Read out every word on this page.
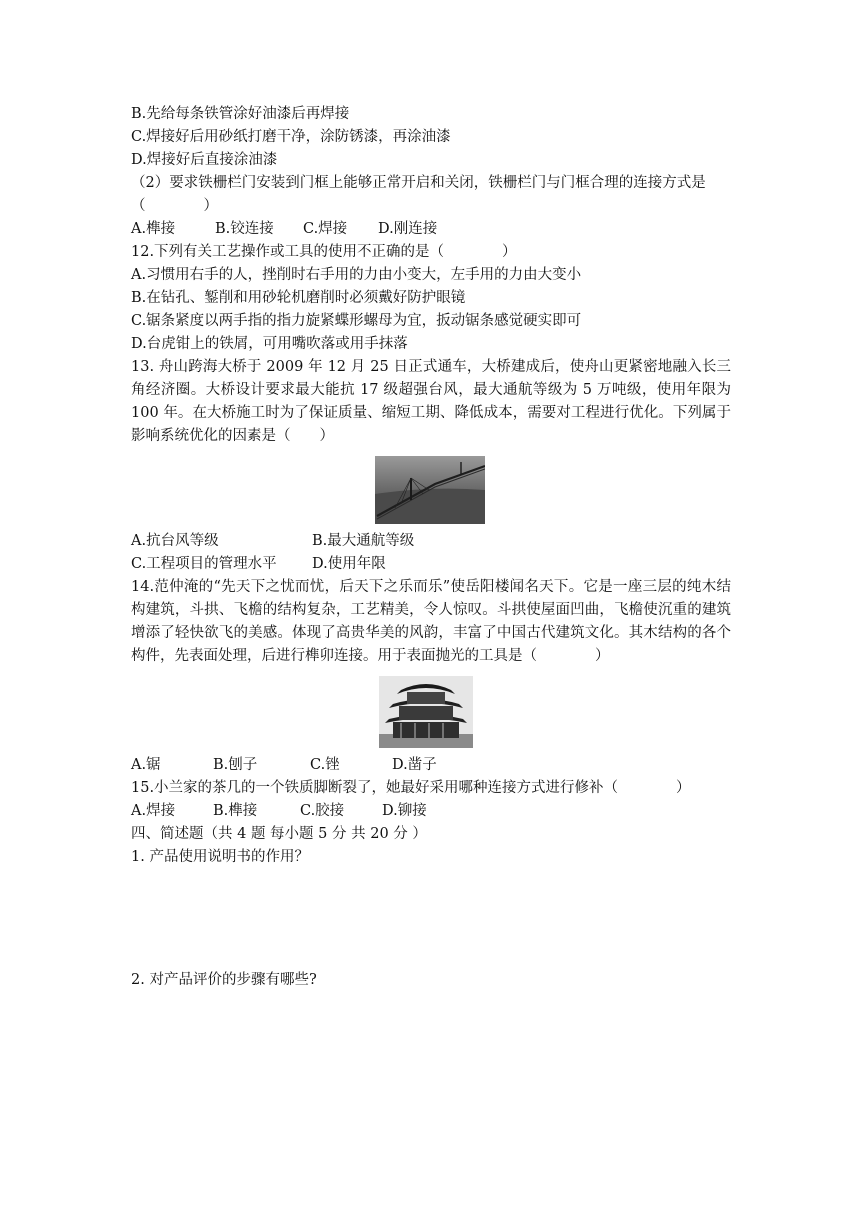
B.先给每条铁管涂好油漆后再焊接
C.焊接好后用砂纸打磨干净，涂防锈漆，再涂油漆
D.焊接好后直接涂油漆
（2）要求铁栅栏门安装到门框上能够正常开启和关闭，铁栅栏门与门框合理的连接方式是
（　　　　）
A.榫接	B.铰连接	C.焊接	D.刚连接
12.下列有关工艺操作或工具的使用不正确的是（　　　　）
A.习惯用右手的人，挫削时右手用的力由小变大，左手用的力由大变小
B.在钻孔、錾削和用砂轮机磨削时必须戴好防护眼镜
C.锯条紧度以两手指的指力旋紧蝶形螺母为宜，扳动锯条感觉硬实即可
D.台虎钳上的铁屑，可用嘴吹落或用手抹落
13. 舟山跨海大桥于 2009 年 12 月 25 日正式通车，大桥建成后，使舟山更紧密地融入长三角经济圈。大桥设计要求最大能抗 17 级超强台风，最大通航等级为 5 万吨级，使用年限为 100 年。在大桥施工时为了保证质量、缩短工期、降低成本，需要对工程进行优化。下列属于影响系统优化的因素是（　　）
A.抗台风等级	B.最大通航等级
C.工程项目的管理水平	D.使用年限
14.范仲淹的“先天下之忧而忧，后天下之乐而乐”使岳阳楼闻名天下。它是一座三层的纯木结构建筑，斗拱、飞檐的结构复杂，工艺精美，令人惊叹。斗拱使屋面凹曲，飞檐使沉重的建筑增添了轻快欲飞的美感。体现了高贵华美的风韵，丰富了中国古代建筑文化。其木结构的各个构件，先表面处理，后进行榫卯连接。用于表面抛光的工具是（　　　　）
A.锯	B.刨子	C.锉	D.凿子
15.小兰家的茶几的一个铁质脚断裂了，她最好采用哪种连接方式进行修补（　　　　）
A.焊接	B.榫接	C.胶接	D.铆接
四、简述题（共 4 题 每小题 5 分 共 20 分 ）
1. 产品使用说明书的作用？
2. 对产品评价的步骤有哪些?
